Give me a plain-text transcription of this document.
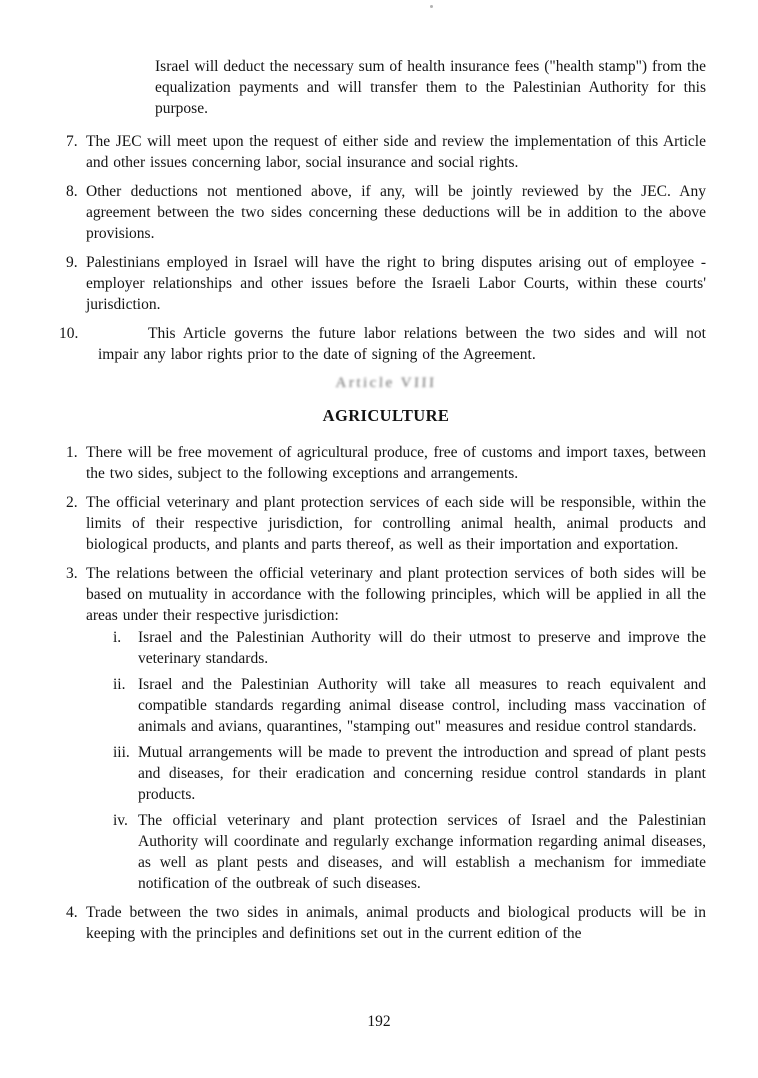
Israel will deduct the necessary sum of health insurance fees ("health stamp") from the equalization payments and will transfer them to the Palestinian Authority for this purpose.

7. The JEC will meet upon the request of either side and review the implementation of this Article and other issues concerning labor, social insurance and social rights.

8. Other deductions not mentioned above, if any, will be jointly reviewed by the JEC. Any agreement between the two sides concerning these deductions will be in addition to the above provisions.

9. Palestinians employed in Israel will have the right to bring disputes arising out of employee - employer relationships and other issues before the Israeli Labor Courts, within these courts' jurisdiction.

10.	This Article governs the future labor relations between the two sides and will not impair any labor rights prior to the date of signing of the Agreement.

Article VIII
AGRICULTURE
1. There will be free movement of agricultural produce, free of customs and import taxes, between the two sides, subject to the following exceptions and arrangements.

2. The official veterinary and plant protection services of each side will be responsible, within the limits of their respective jurisdiction, for controlling animal health, animal products and biological products, and plants and parts thereof, as well as their importation and exportation.

3. The relations between the official veterinary and plant protection services of both sides will be based on mutuality in accordance with the following principles, which will be applied in all the areas under their respective jurisdiction:

i. Israel and the Palestinian Authority will do their utmost to preserve and improve the veterinary standards.

ii. Israel and the Palestinian Authority will take all measures to reach equivalent and compatible standards regarding animal disease control, including mass vaccination of animals and avians, quarantines, "stamping out" measures and residue control standards.

iii. Mutual arrangements will be made to prevent the introduction and spread of plant pests and diseases, for their eradication and concerning residue control standards in plant products.

iv. The official veterinary and plant protection services of Israel and the Palestinian Authority will coordinate and regularly exchange information regarding animal diseases, as well as plant pests and diseases, and will establish a mechanism for immediate notification of the outbreak of such diseases.

4. Trade between the two sides in animals, animal products and biological products will be in keeping with the principles and definitions set out in the current edition of the

192
